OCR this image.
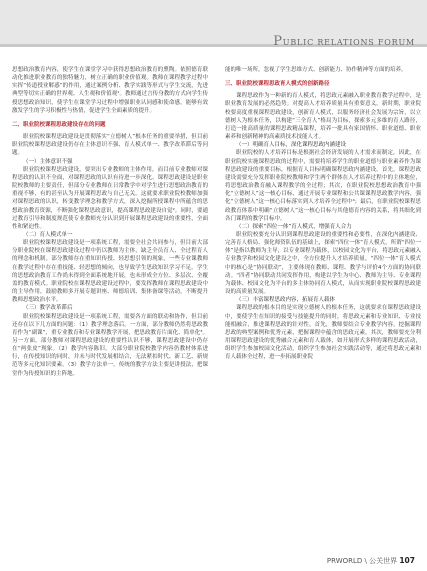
PUBLIC RELATIONS FORUM

思想政治教育内容，使学生在课堂学习中获得思想政治教育的熏陶。依照德育联动化推进职业教育的独特魅力，树立正确的职业价值观。教师在课程教学过程中实挥“传道授业解惑”的作用，通过案例分析、教学实践等形式与学生交流，先进典型等切实正确的世界观、人生观和价值观¹。教师通过言传身教的方式向学生传授思想政治知识，使学生在课堂学习过程中增强职业认同感和使命感，能够有效激发学生的学习积极性与热情，促进学生全面素质的提升。

二、职业院校课程思政建设存在的问题

职业院校课程思政建设是贯彻落实“立德树人”根本任务的重要举措，但目前职业院校课程思政建设仍存在主体意识不强、育人模式单一、教学改革滞后等问题。

（一）主体意识不强

职业院校课程思政建设，要突出专业教师的主体作用，而目前专业教师对课程思政的认识不全面，对课程思政的认识有待进一步深化。课程思政建设是职业院校教师的主要责任，但部分专业教师在日常教学中对学生进行思想政治教育的重视不够，有的甚至认为开展课程思政与自己无关。这就要求职业院校教师加强对课程思政的认识，转变教学理念和教学方式，深入挖掘所授课程中所蕴含的思想政治教育资源，不断强化课程思政意识，提高课程思政建设自觉²。同时，要通过教育引导和制度规范使专业教师充分认识到开展课程思政建设的重要性，全面性和紧迫性。

（二）育人模式单一

职业院校课程思政建设是一项系统工程，需要全社会共同参与，但目前大部分职业院校在课程思政建设过程中仍以教师为主体，缺乏全员育人、全过程育人的理念和机制。部分教师存在重知识传授、轻思想引领的现象，一些专业课教师在教学过程中存在重技能、轻思想的倾向，也导致学生思政知识学习不足。学生的思想政治教育工作尚未得到全面系统地开展，也未形成全方位、多层次、全覆盖的教育模式。职业院校在课程思政建设过程中，要发挥教师在课程思政建设中的主导作用，鼓励教师多开展专题讲座、师德培训、集体备课等活动，不断提升教师思想政治水平。

（三）教学改革滞后

职业院校课程思政建设是一项系统工程，需要各方面的联动和协作，但目前还存在以下几方面的问题：（1）教学理念落后。一方面，部分教师仍然将思政教育作为“副课”，重专业教育和专业课程教学开展，把思政教育片面化、简单化³。另一方面，部分教师对课程思政建设的重要性认识不够，课程思政建设中仍存在“两张皮”现象。（2）教学内容陈旧。大部分职业院校教学内容仍教材体系进行，在传授知识的同时，并未与时代发展相结合，无法紧扣时代、新工艺、新规范等多元化知识要素。（3）教学方法单一。传统的教学方法主要是讲授法，把课堂作为传授知识的主阵地。

能的唯一场所，忽视了学生思维方式、创新能力、协作精神等方面的培养。

三、职业院校课程思政育人模式的创新路径

课程思政作为一种新的育人模式，将思政元素融入职业教育教学过程中，是职业教育发展的必然趋势。对提高人才培养质量具有重要意义。新时期，职业院校要高度重视课程思政建设，创新育人模式，以服务经济社会发展为宗旨，以立德树人为根本任务，以构建“三全育人”格局为目标，探索多元多维的育人路径，打造一批高质量的课程思政精品课程，培养一批具有家国情怀、职业道德、职业素养和创新精神的高素质技术技能人才。

（一）明确育人目标，深化课程思政内涵建设

职业院校的人才培养目标是根据社会经济发展的人才需求而制定，因此，在职业院校实施课程思政的过程中，需要将培养学生的职业道德与职业素养作为课程思政建设的重要目标，根据育人目标明确课程思政内涵建设。首先，课程思政建设需要充分发挥职业院校教师和学生两个群体在人才培养过程中的主体地位，将思想政治教育融入课程教学的全过程；其次，在职业院校思想政治教育中强化“立德树人”这一核心目标，通过开展专业课程和公共课课程思政教学内容，强化“立德树人”这一核心目标落实到人才培养全过程中⁴；最后，在职业院校课程思政教育体系中明确“立德树人”这一核心目标与其他德育内容的关系，将其细化到各门课程的教学目标中。

（二）探索“四位一体”育人模式，增强育人合力

职业院校要充分认识到课程思政建设的重要性和必要性，在深化内涵建设、完善育人格局、强化师资队伍的基础上，探索“四位一体”育人模式。所谓“四位一体”是指以教师为主导，以专业课程为载体，以校园文化为平台，将思政元素融入专业教学和校园文化建设之中，全方位提升人才培养质量。“四位一体”育人模式中的核心是“协同联动”，主要体现在教师、课程、教学与评价4个方面的协同联动。“四者”协同联动共同发挥作用，构建以学生为中心、教师为主导、专业课程为载体、校园文化为平台的多主体协同育人模式，从而实现职业院校课程思政建设的高质量发展。

（三）丰富课程思政内容，拓展育人载体

课程思政的根本目的是实现立德树人的根本任务，这就要求在课程思政建设中，要使学生在知识的接受与技能提升的同时，将思政元素和专业知识、专业技能相融合，推进课程思政的针对性。首先，教师要结合专业教学内容，挖掘课程思政的典型案例和优秀元素，把握课程中蕴含的思政元素，其次，教师要充分利用课程思政建设的优秀融合元素和育人载体，如开展形式多样的课程思政活动，组织学生参加校园文化活动，组织学生参加社会实践活动等，通过将思政元素和育人载体全过程，进一步拓展职业院

PRWORLD \ 公关世界 107
